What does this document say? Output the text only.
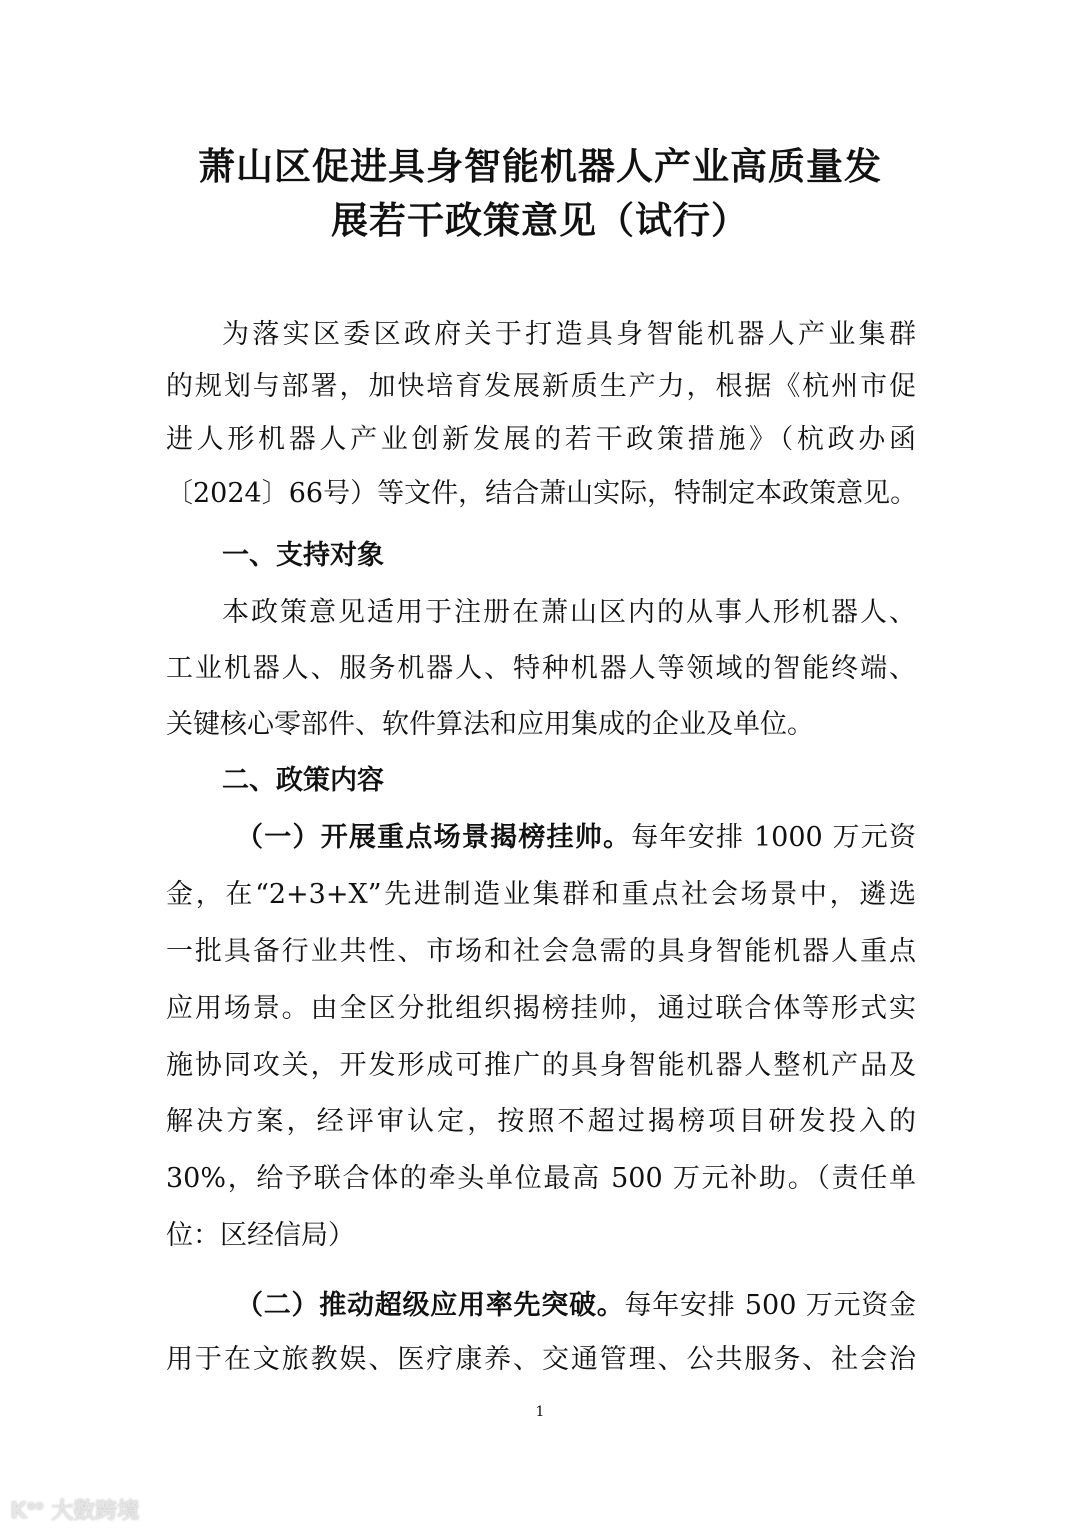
萧山区促进具身智能机器人产业高质量发
展若干政策意见（试行）
为落实区委区政府关于打造具身智能机器人产业集群
的规划与部署，加快培育发展新质生产力，根据《杭州市促
进人形机器人产业创新发展的若干政策措施》（杭政办函
〔2024〕66号）等文件，结合萧山实际，特制定本政策意见。
一、支持对象
本政策意见适用于注册在萧山区内的从事人形机器人、
工业机器人、服务机器人、特种机器人等领域的智能终端、
关键核心零部件、软件算法和应用集成的企业及单位。
二、政策内容
（一）开展重点场景揭榜挂帅。每年安排 1000 万元资
金，在“2+3+X”先进制造业集群和重点社会场景中，遴选
一批具备行业共性、市场和社会急需的具身智能机器人重点
应用场景。由全区分批组织揭榜挂帅，通过联合体等形式实
施协同攻关，开发形成可推广的具身智能机器人整机产品及
解决方案，经评审认定，按照不超过揭榜项目研发投入的
30%，给予联合体的牵头单位最高 500 万元补助。（责任单
位：区经信局）
（二）推动超级应用率先突破。每年安排 500 万元资金
用于在文旅教娱、医疗康养、交通管理、公共服务、社会治
1
$K^{oo}$ 大数跨境
